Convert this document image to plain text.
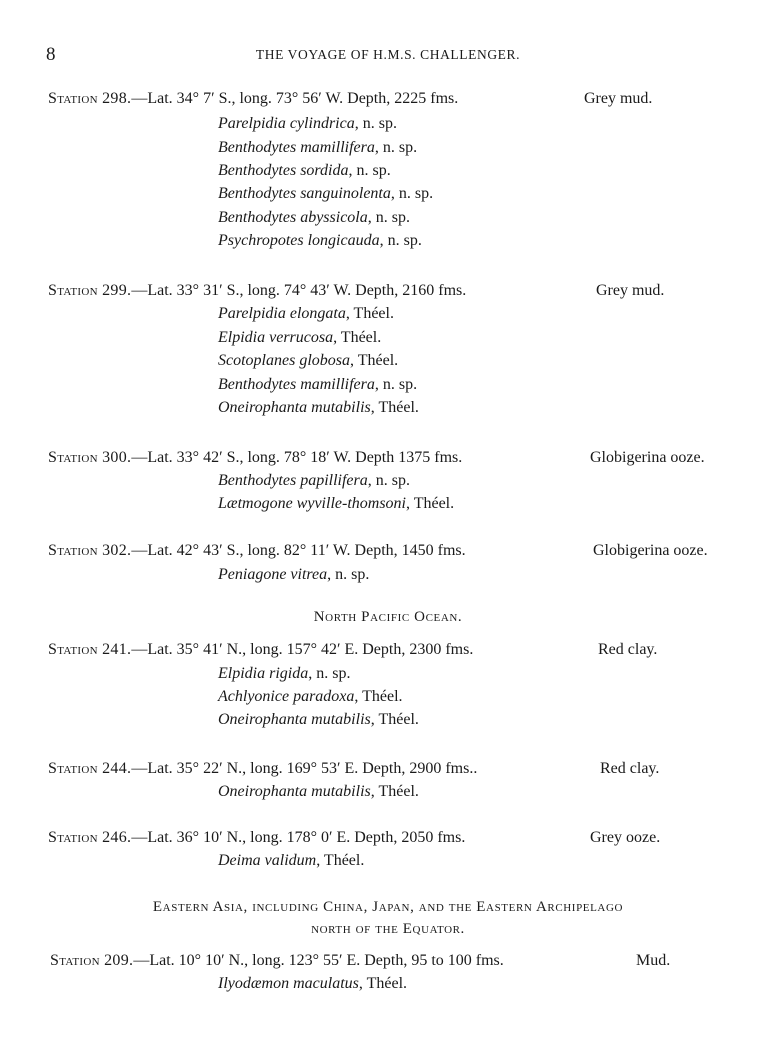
8	THE VOYAGE OF H.M.S. CHALLENGER.
Station 298.—Lat. 34° 7′ S., long. 73° 56′ W. Depth, 2225 fms.	Grey mud.
Parelpidia cylindrica, n. sp.
Benthodytes mamillifera, n. sp.
Benthodytes sordida, n. sp.
Benthodytes sanguinolenta, n. sp.
Benthodytes abyssicola, n. sp.
Psychropotes longicauda, n. sp.
Station 299.—Lat. 33° 31′ S., long. 74° 43′ W. Depth, 2160 fms.	Grey mud.
Parelpidia elongata, Théel.
Elpidia verrucosa, Théel.
Scotoplanes globosa, Théel.
Benthodytes mamillifera, n. sp.
Oneirophanta mutabilis, Théel.
Station 300.—Lat. 33° 42′ S., long. 78° 18′ W. Depth 1375 fms.	Globigerina ooze.
Benthodytes papillifera, n. sp.
Lætmogone wyville-thomsoni, Théel.
Station 302.—Lat. 42° 43′ S., long. 82° 11′ W. Depth, 1450 fms.	Globigerina ooze.
Peniagone vitrea, n. sp.
North Pacific Ocean.
Station 241.—Lat. 35° 41′ N., long. 157° 42′ E. Depth, 2300 fms.	Red clay.
Elpidia rigida, n. sp.
Achlyonice paradoxa, Théel.
Oneirophanta mutabilis, Théel.
Station 244.—Lat. 35° 22′ N., long. 169° 53′ E. Depth, 2900 fms..	Red clay.
Oneirophanta mutabilis, Théel.
Station 246.—Lat. 36° 10′ N., long. 178° 0′ E. Depth, 2050 fms.	Grey ooze.
Deima validum, Théel.
Eastern Asia, including China, Japan, and the Eastern Archipelago
north of the Equator.
Station 209.—Lat. 10° 10′ N., long. 123° 55′ E. Depth, 95 to 100 fms.	Mud.
Ilyodæmon maculatus, Théel.
